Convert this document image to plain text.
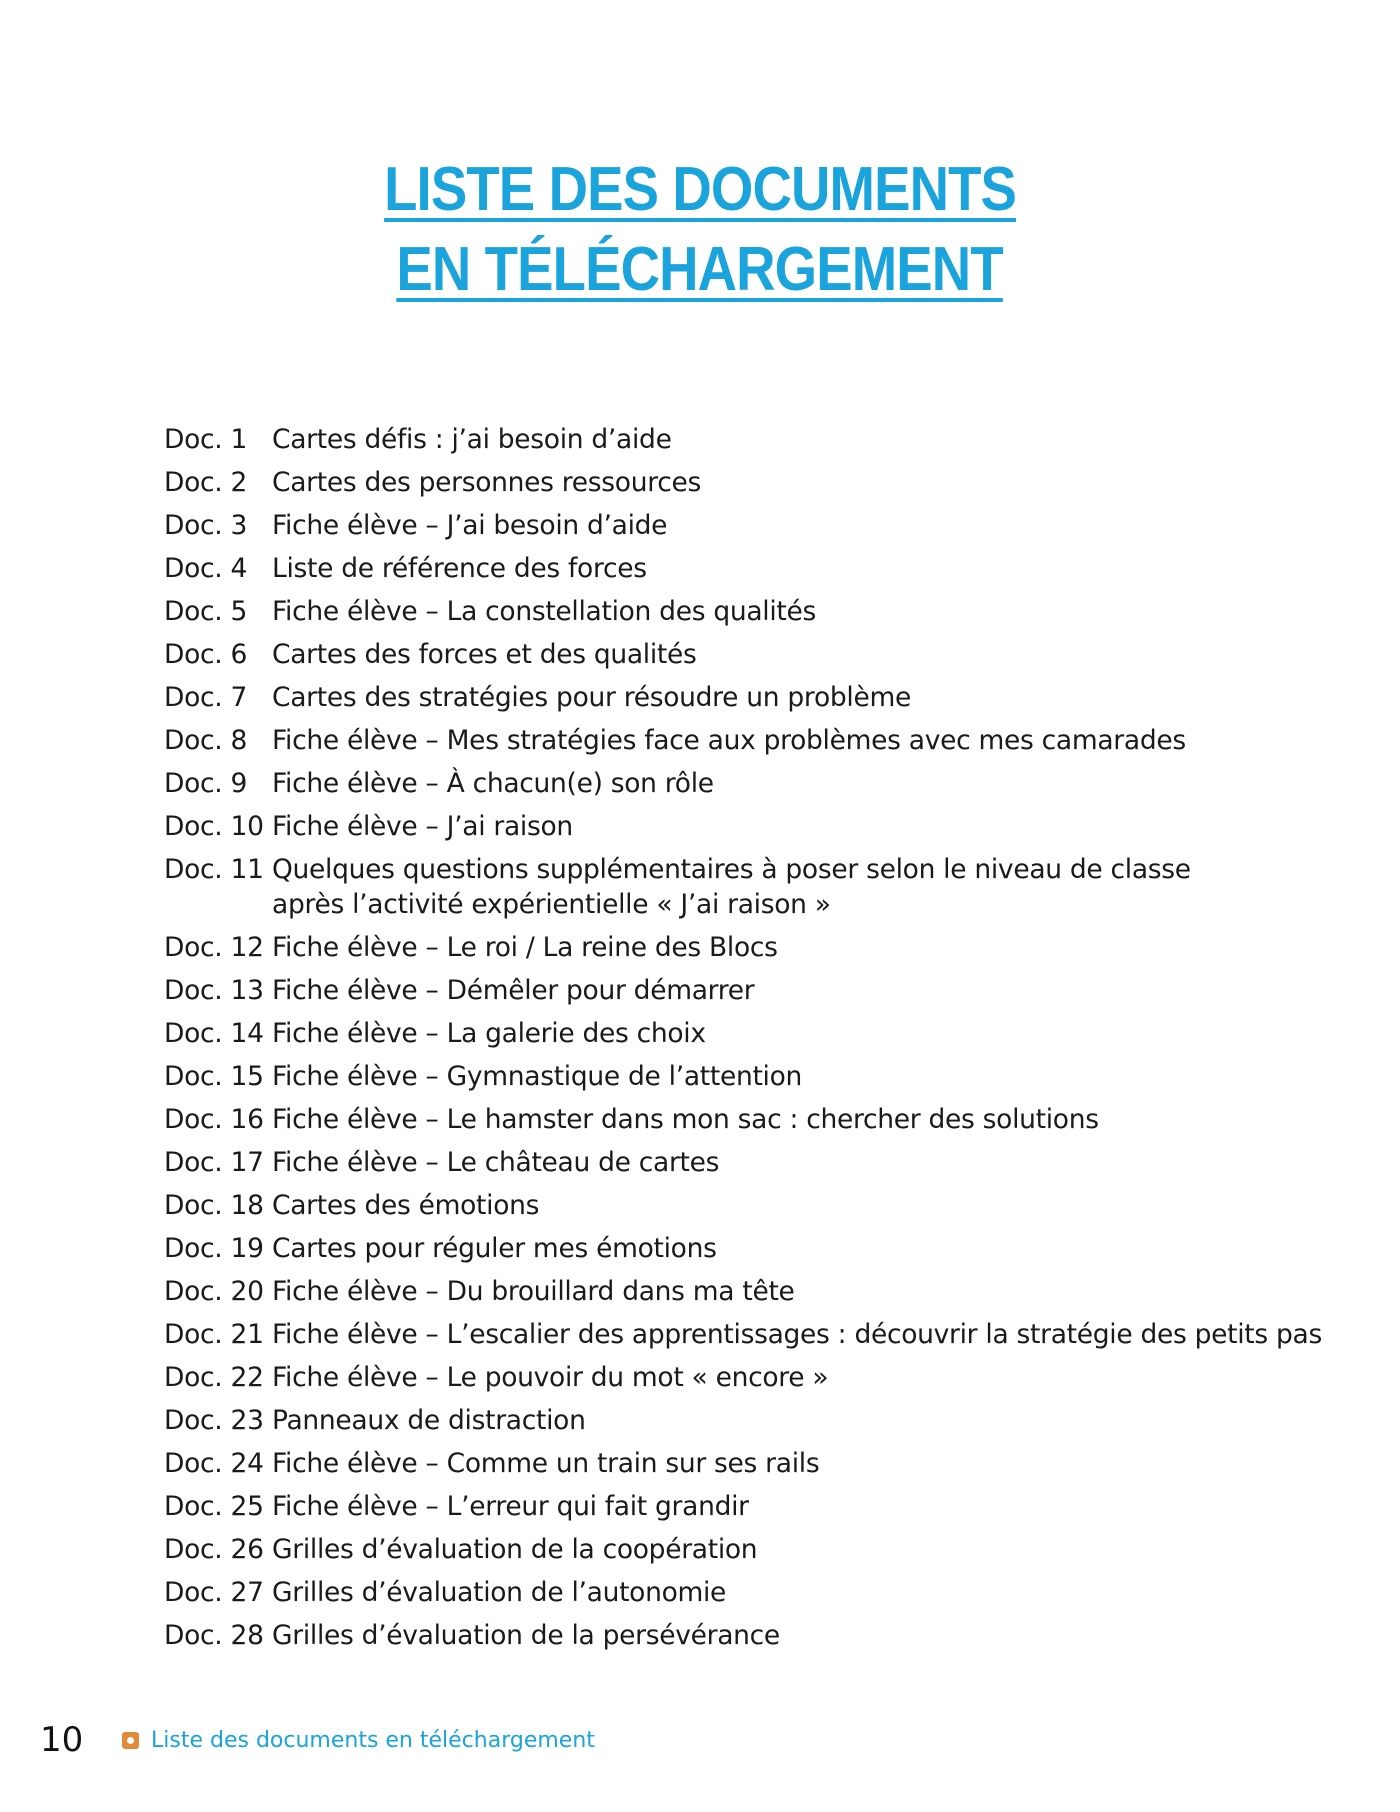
LISTE DES DOCUMENTS
EN TÉLÉCHARGEMENT
Doc. 1 Cartes défis : j’ai besoin d’aide
Doc. 2 Cartes des personnes ressources
Doc. 3 Fiche élève – J’ai besoin d’aide
Doc. 4 Liste de référence des forces
Doc. 5 Fiche élève – La constellation des qualités
Doc. 6 Cartes des forces et des qualités
Doc. 7 Cartes des stratégies pour résoudre un problème
Doc. 8 Fiche élève – Mes stratégies face aux problèmes avec mes camarades
Doc. 9 Fiche élève – À chacun(e) son rôle
Doc. 10 Fiche élève – J’ai raison
Doc. 11 Quelques questions supplémentaires à poser selon le niveau de classe
après l’activité expérientielle « J’ai raison »
Doc. 12 Fiche élève – Le roi / La reine des Blocs
Doc. 13 Fiche élève – Démêler pour démarrer
Doc. 14 Fiche élève – La galerie des choix
Doc. 15 Fiche élève – Gymnastique de l’attention
Doc. 16 Fiche élève – Le hamster dans mon sac : chercher des solutions
Doc. 17 Fiche élève – Le château de cartes
Doc. 18 Cartes des émotions
Doc. 19 Cartes pour réguler mes émotions
Doc. 20 Fiche élève – Du brouillard dans ma tête
Doc. 21 Fiche élève – L’escalier des apprentissages : découvrir la stratégie des petits pas
Doc. 22 Fiche élève – Le pouvoir du mot « encore »
Doc. 23 Panneaux de distraction
Doc. 24 Fiche élève – Comme un train sur ses rails
Doc. 25 Fiche élève – L’erreur qui fait grandir
Doc. 26 Grilles d’évaluation de la coopération
Doc. 27 Grilles d’évaluation de l’autonomie
Doc. 28 Grilles d’évaluation de la persévérance
10	Liste des documents en téléchargement
